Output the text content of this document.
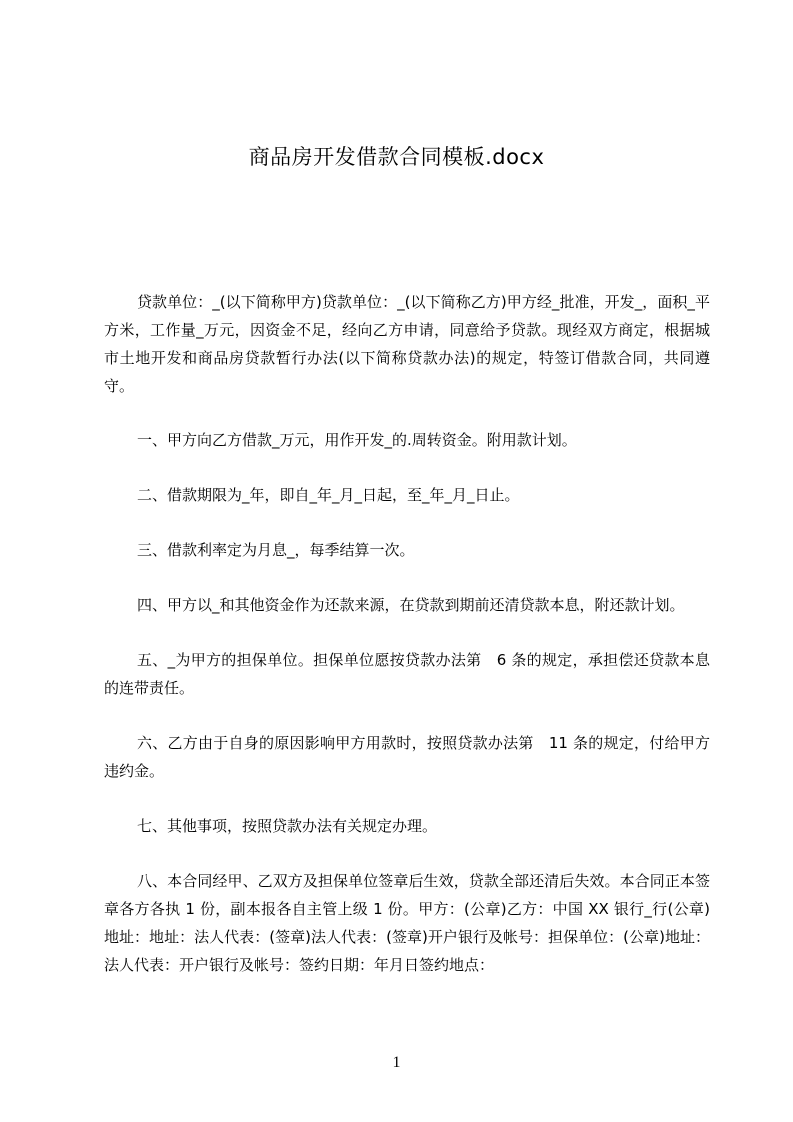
商品房开发借款合同模板.docx

贷款单位：_(以下简称甲方)贷款单位：_(以下简称乙方)甲方经_批准，开发_，面积_平方米，工作量_万元，因资金不足，经向乙方申请，同意给予贷款。现经双方商定，根据城市土地开发和商品房贷款暂行办法(以下简称贷款办法)的规定，特签订借款合同，共同遵守。

一、甲方向乙方借款_万元，用作开发_的.周转资金。附用款计划。

二、借款期限为_年，即自_年_月_日起，至_年_月_日止。

三、借款利率定为月息_，每季结算一次。

四、甲方以_和其他资金作为还款来源，在贷款到期前还清贷款本息，附还款计划。

五、_为甲方的担保单位。担保单位愿按贷款办法第　6 条的规定，承担偿还贷款本息的连带责任。

六、乙方由于自身的原因影响甲方用款时，按照贷款办法第　11 条的规定，付给甲方违约金。

七、其他事项，按照贷款办法有关规定办理。

八、本合同经甲、乙双方及担保单位签章后生效，贷款全部还清后失效。本合同正本签章各方各执 1 份，副本报各自主管上级 1 份。甲方：(公章)乙方：中国 XX 银行_行(公章)地址：地址：法人代表：(签章)法人代表：(签章)开户银行及帐号：担保单位：(公章)地址：法人代表：开户银行及帐号：签约日期：年月日签约地点：

1
